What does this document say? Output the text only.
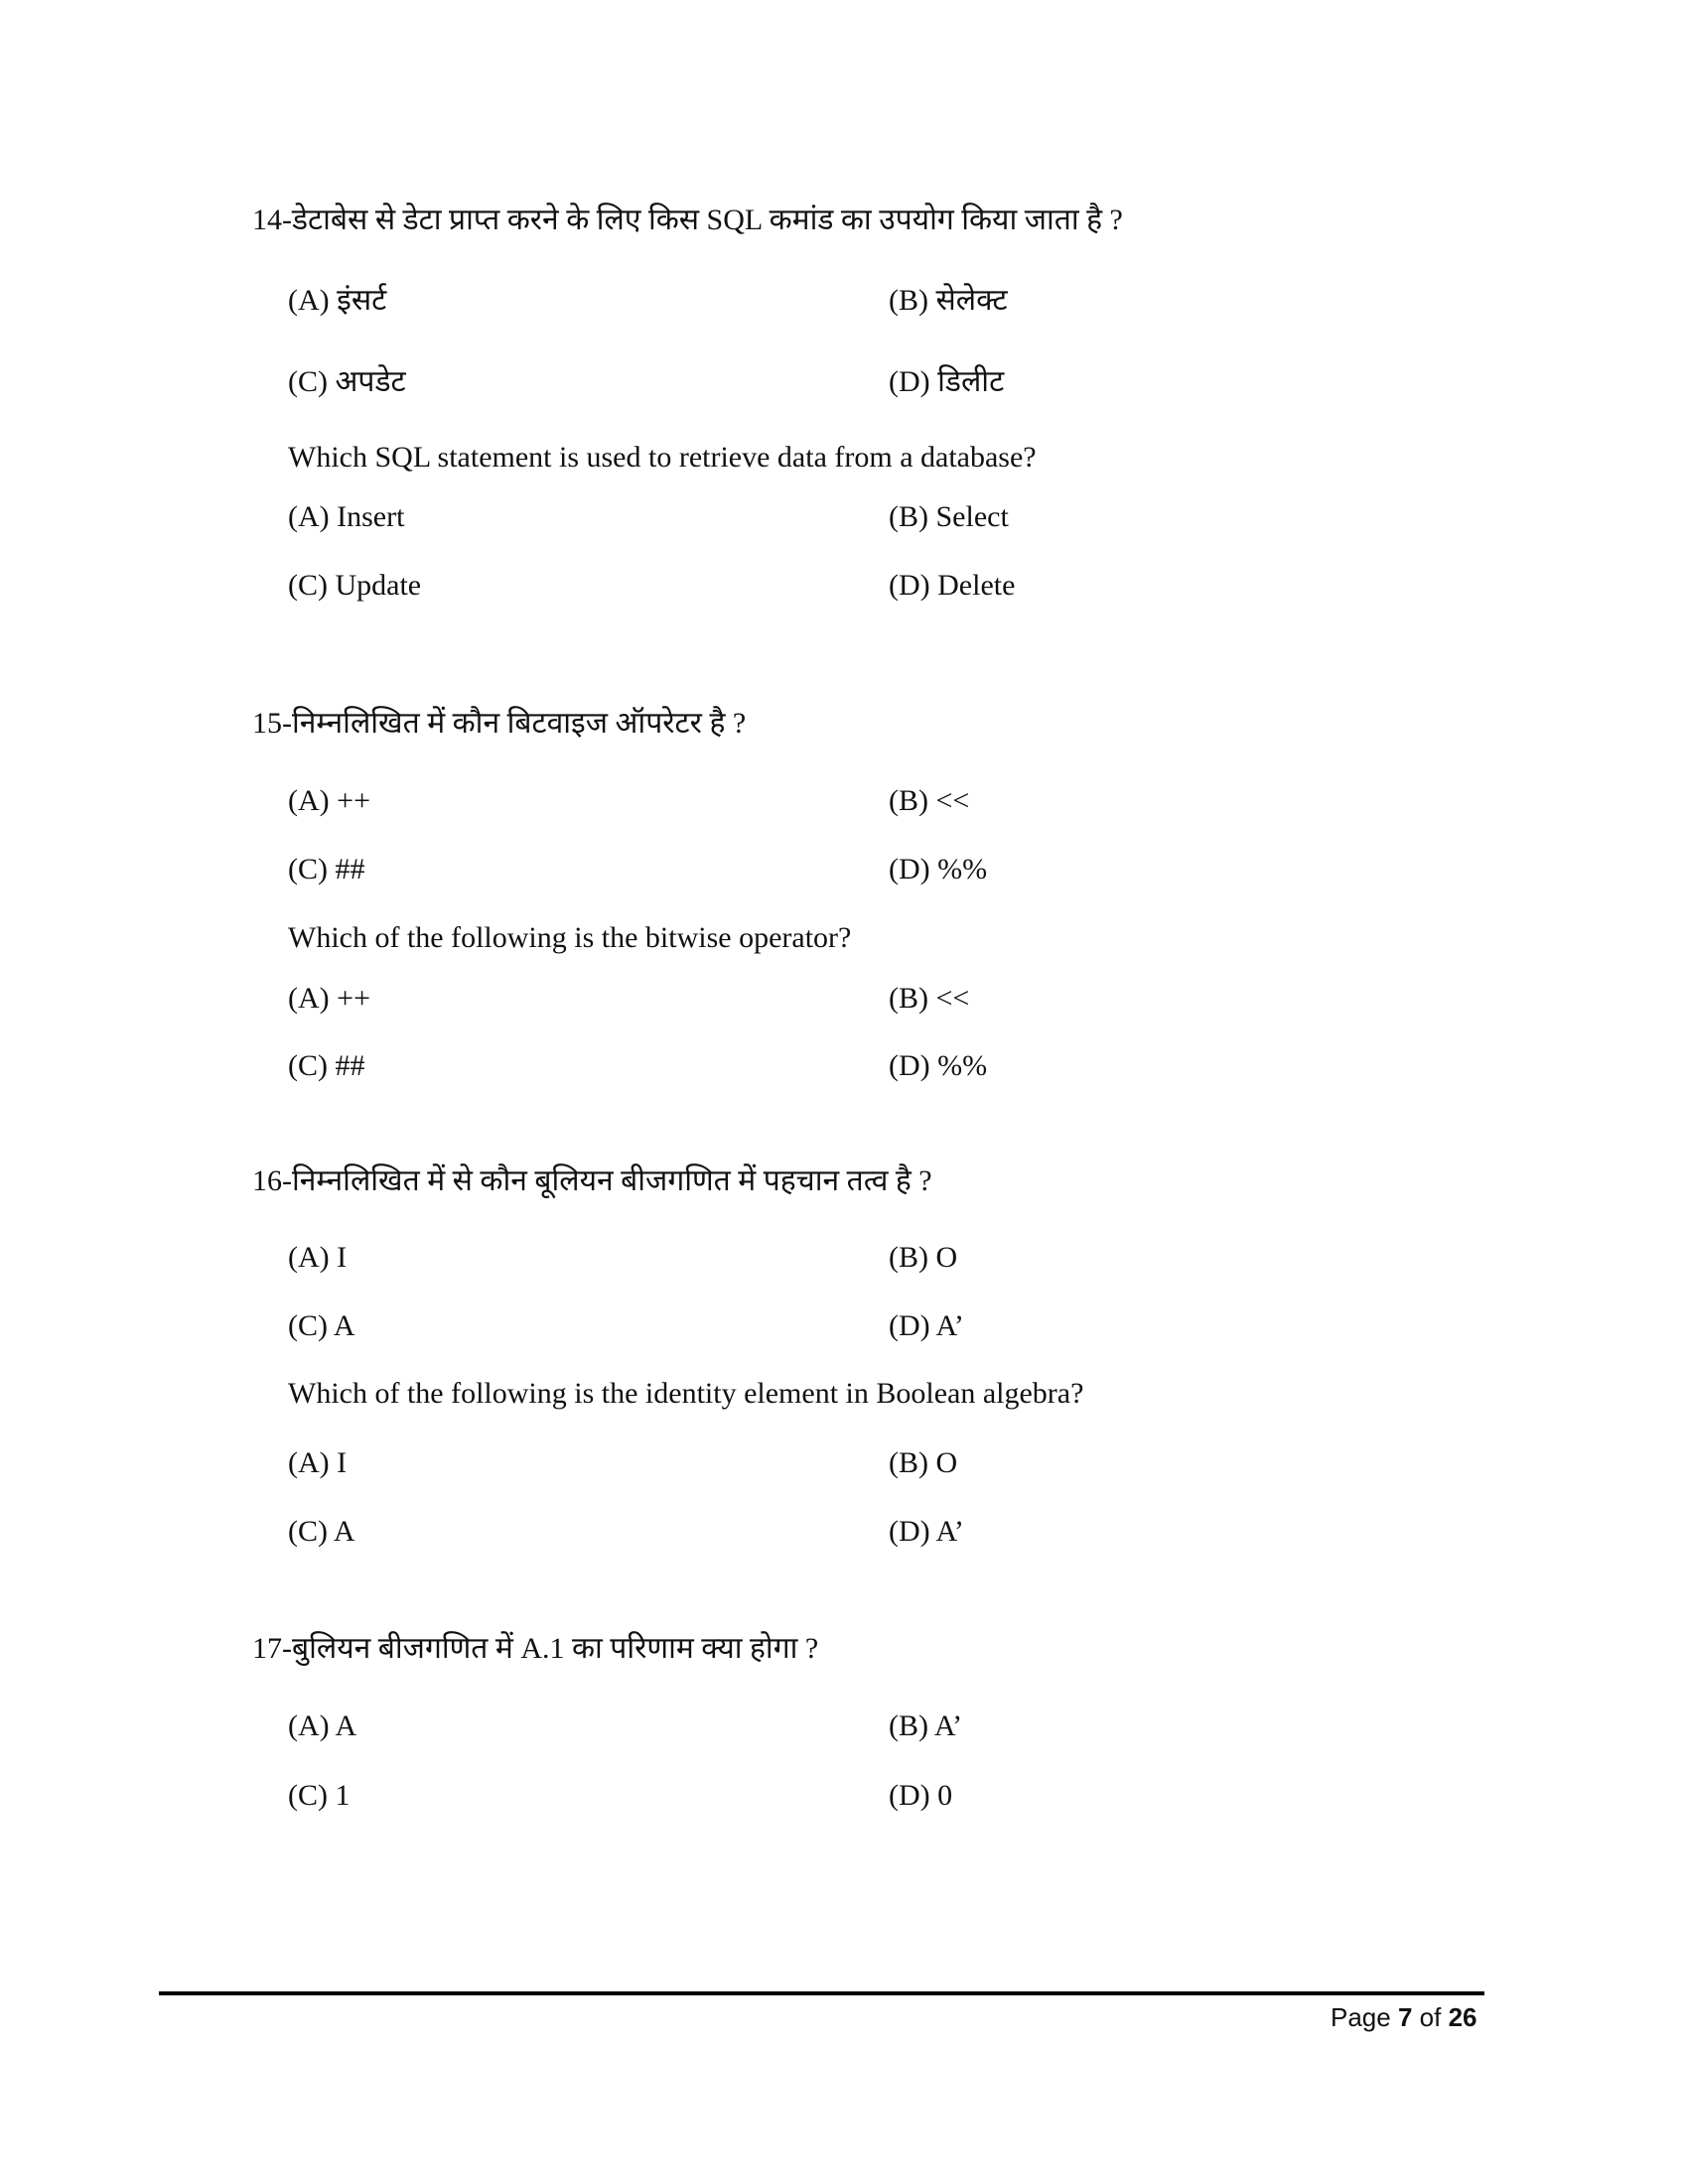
14-डेटाबेस से डेटा प्राप्त करने के लिए किस SQL कमांड का उपयोग किया जाता है ?
(A) इंसर्ट	(B) सेलेक्ट
(C) अपडेट	(D) डिलीट
Which SQL statement is used to retrieve data from a database?
(A) Insert	(B) Select
(C) Update	(D) Delete
15-निम्नलिखित में कौन बिटवाइज ऑपरेटर है ?
(A) ++	(B) <<
(C) ##	(D) %%
Which of the following is the bitwise operator?
(A) ++	(B) <<
(C) ##	(D) %%
16-निम्नलिखित में से कौन बूलियन बीजगणित में पहचान तत्व है ?
(A) I	(B) O
(C) A	(D) A’
Which of the following is the identity element in Boolean algebra?
(A) I	(B) O
(C) A	(D) A’
17-बुलियन बीजगणित में A.1 का परिणाम क्या होगा ?
(A) A	(B) A’
(C) 1	(D) 0
Page 7 of 26
